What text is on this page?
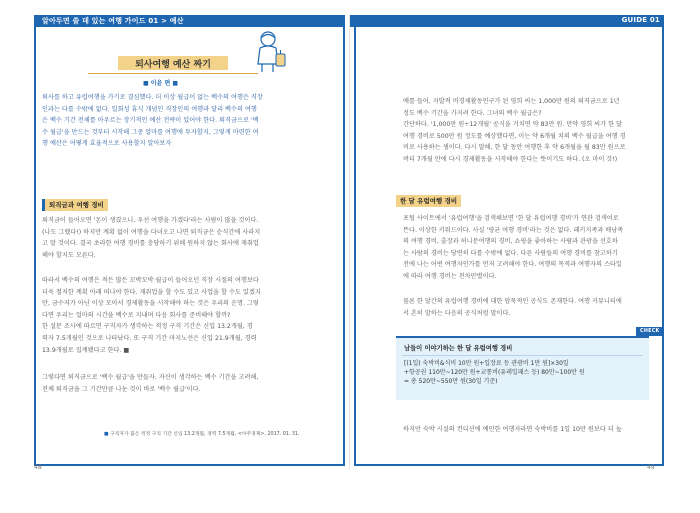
알아두면 쓸 데 있는 여행 가이드 01 > 예산
퇴사여행 예산 짜기
■ 이윤 편 ■
퇴사를 하고 유럽여행을 가기로 결심했다. 더 이상 월급이 없는 백수의 여행은 직장
인과는 다를 수밖에 없다. 일회성 휴식 개념인 직장인의 여행과 달리 백수의 여행
은 백수 기간 전체를 아우르는 장기적인 예산 전략이 있어야 한다. 퇴직금으로 '백
수 월급'을 만드는 것부터 시작해 그중 얼마를 여행에 투자할지, 그렇게 마련한 여
행 예산은 어떻게 효율적으로 사용할지 알아보자
퇴직금과 여행 경비
퇴직금이 들어오면 '돈이 생겼으니, 우선 여행을 가겠다'라는 사람이 많을 것이다.
(나도 그랬다!) 하지만 계획 없이 여행을 다녀오고 나면 퇴직금은 순식간에 사라지
고 말 것이다. 결국 초라한 여행 경비를 충당하기 위해 원하지 않는 회사에 재취업
해야 할지도 모른다.
따라서 백수의 여행은 적든 많든 꼬박꼬박 월급이 들어오던 직장 시절의 여행보다
더욱 철저한 계획 아래 떠나야 한다. 재취업을 할 수도 있고 사업을 할 수도 있겠지
만, 금수저가 아닌 이상 모아서 경제활동을 시작해야 하는 것은 우리의 운명. 그렇
다면 우리는 얼마의 시간을 백수로 지내며 다음 회사를 준비해야 할까?
한 설문 조사에 따르면 구직자가 생각하는 적정 구직 기간은 신입 13.2개월, 경
력자 7.5개월인 것으로 나타났다. 또 구직 기간 마지노선은 신입 21.9개월, 경력
13.9개월로 집계됐다고 한다. ■
그렇다면 퇴직금으로 '백수 월급'을 만들자. 자신이 생각하는 백수 기간을 고려해,
전체 퇴직금을 그 기간만큼 나눈 것이 바로 '백수 월급'이다.
■ 구직자가 꼽은 적정 구직 기간 신입 13.2개월, 경력 7.5개월, <아주경제>, 2017. 01. 31.
48
GUIDE 01
예를 들어, 자발적 비경제활동인구가 된 영희 씨는 1,000만 원의 퇴직금으로 1년
정도 백수 기간을 가지려 한다. 그녀의 백수 월급은?
간단하다. '1,000만 원÷12개월' 공식을 거치면 약 83만 원. 만약 영희 씨가 한 달
여행 경비로 500만 원 정도를 예상했다면, 이는 약 6개월 치의 백수 월급을 여행 경
비로 사용하는 셈이다. 다시 말해, 한 달 동안 여행한 후 약 6개월을 월 83만 원으로
버티 7개월 만에 다시 경제활동을 시작해야 한다는 뜻이기도 하다. (오 마이 갓!)
한 달 유럽여행 경비
포털 사이트에서 '유럽여행'을 검색해보면 '한 달 유럽여행 경비'가 연관 검색어로
뜬다. 이상한 키워드이다. 사실 '평균 여행 경비'라는 것은 없다. 패키지족과 배낭족
의 여행 경비, 출장과 허니문여행의 경비, 쇼핑을 좋아하는 사람과 관광을 선호하
는 사람의 경비는 당연히 다를 수밖에 없다. 다른 사람들의 여행 경비를 참고하기
전에 나는 어떤 여행자인가를 먼저 고려해야 한다. 여행의 목적과 여행자의 스타일
에 따라 여행 경비는 천차만별이다.
물론 한 달간의 유럽여행 경비에 대한 암묵적인 공식도 존재한다. 여행 커뮤니티에
서 흔히 말하는 다음의 공식처럼 말이다.
CHECK
남들이 이야기하는 한 달 유럽여행 경비
[(1일) 숙박비&식비 10만 원+입장료 등 관광비 1만 원]×30일
+항공권 110만~120만 원+교통비(유레일패스 등) 80만~100만 원
= 총 520만~550만 원(30일 기준)
하지만 숙박 시설의 컨디션에 예민한 여행자라면 숙박비를 1일 10만 원보다 더 높
49
